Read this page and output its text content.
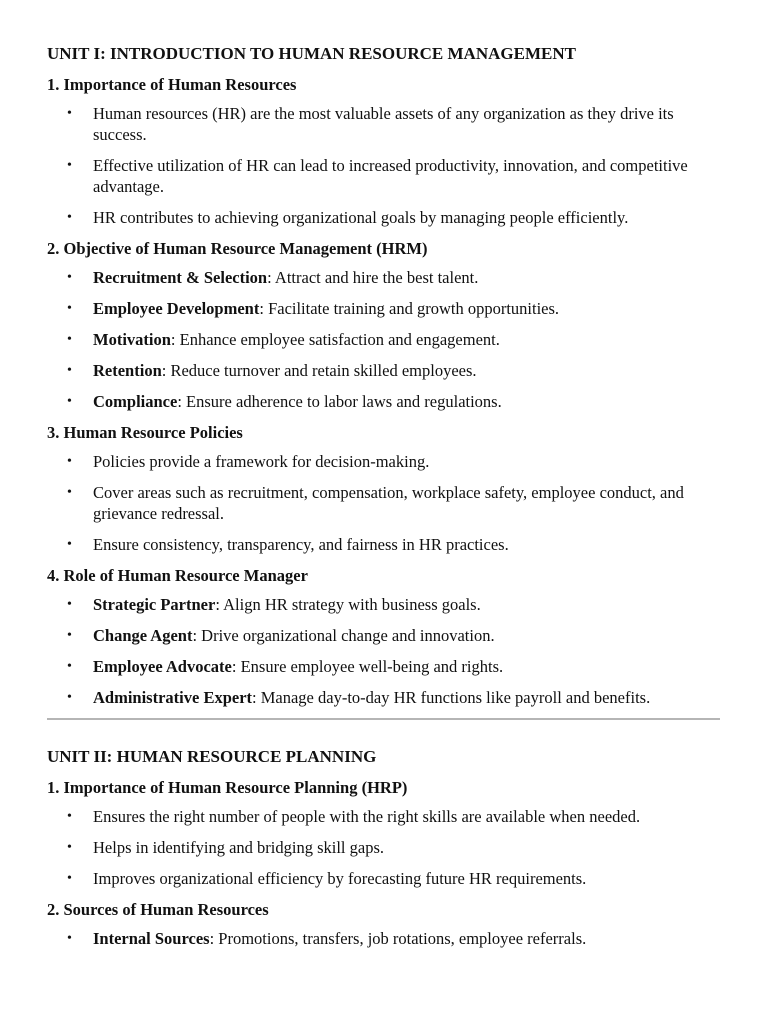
UNIT I: INTRODUCTION TO HUMAN RESOURCE MANAGEMENT
1. Importance of Human Resources
• Human resources (HR) are the most valuable assets of any organization as they drive its success.
• Effective utilization of HR can lead to increased productivity, innovation, and competitive advantage.
• HR contributes to achieving organizational goals by managing people efficiently.
2. Objective of Human Resource Management (HRM)
• Recruitment & Selection: Attract and hire the best talent.
• Employee Development: Facilitate training and growth opportunities.
• Motivation: Enhance employee satisfaction and engagement.
• Retention: Reduce turnover and retain skilled employees.
• Compliance: Ensure adherence to labor laws and regulations.
3. Human Resource Policies
• Policies provide a framework for decision-making.
• Cover areas such as recruitment, compensation, workplace safety, employee conduct, and grievance redressal.
• Ensure consistency, transparency, and fairness in HR practices.
4. Role of Human Resource Manager
• Strategic Partner: Align HR strategy with business goals.
• Change Agent: Drive organizational change and innovation.
• Employee Advocate: Ensure employee well-being and rights.
• Administrative Expert: Manage day-to-day HR functions like payroll and benefits.
UNIT II: HUMAN RESOURCE PLANNING
1. Importance of Human Resource Planning (HRP)
• Ensures the right number of people with the right skills are available when needed.
• Helps in identifying and bridging skill gaps.
• Improves organizational efficiency by forecasting future HR requirements.
2. Sources of Human Resources
• Internal Sources: Promotions, transfers, job rotations, employee referrals.
